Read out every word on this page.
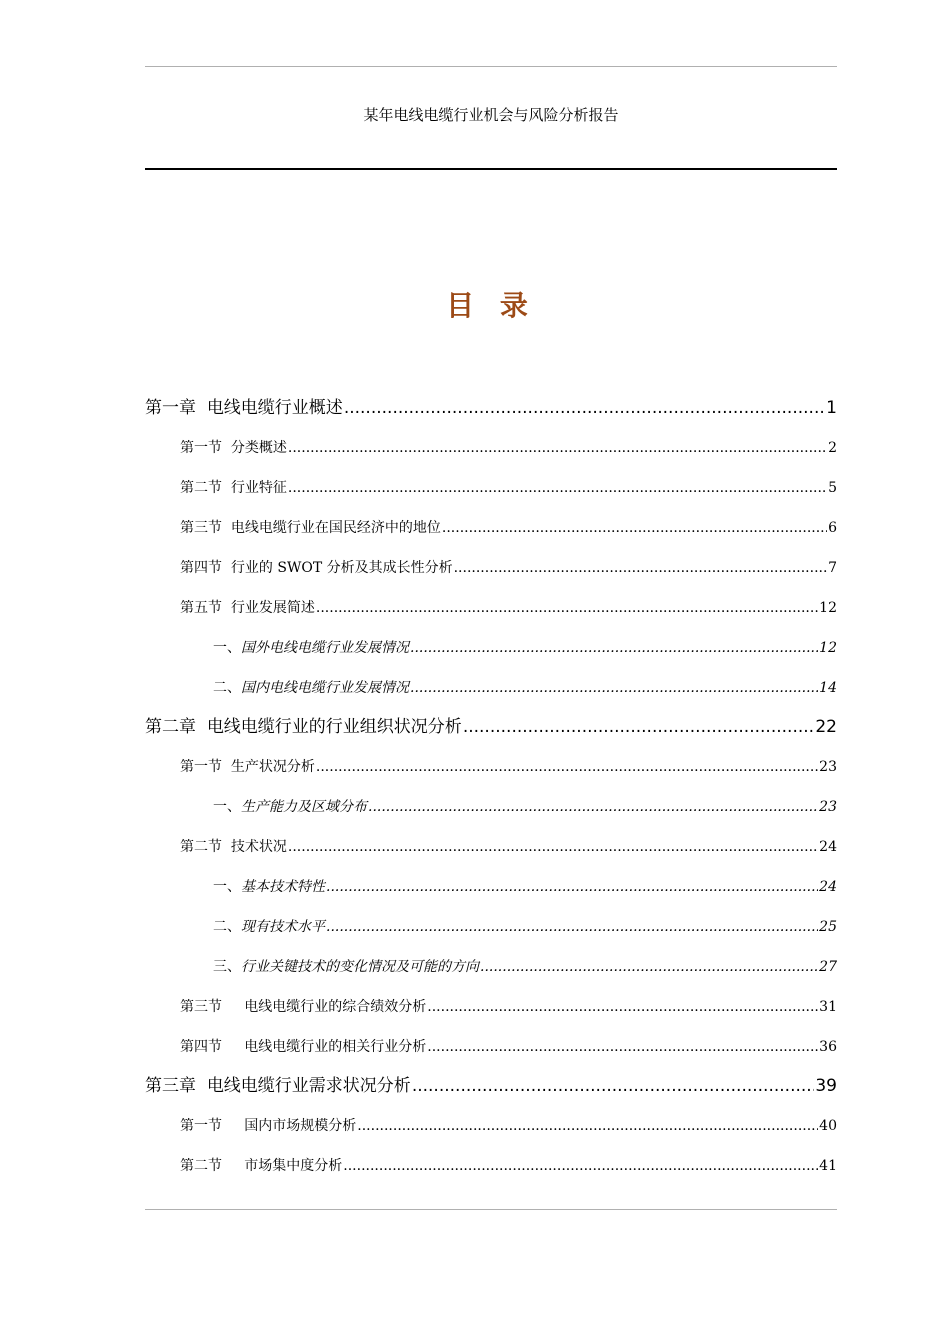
某年电线电缆行业机会与风险分析报告
目 录
第一章 电线电缆行业概述 .....	1
第一节 分类概述 .....	2
第二节 行业特征 .....	5
第三节 电线电缆行业在国民经济中的地位 .....	6
第四节 行业的 SWOT 分析及其成长性分析 .....	7
第五节 行业发展简述 .....	12
一、 国外电线电缆行业发展情况 .....	12
二、 国内电线电缆行业发展情况 .....	14
第二章 电线电缆行业的行业组织状况分析 .....	22
第一节 生产状况分析 .....	23
一、 生产能力及区域分布 .....	23
第二节 技术状况 .....	24
一、 基本技术特性 .....	24
二、 现有技术水平 .....	25
三、 行业关键技术的变化情况及可能的方向 .....	27
第三节 电线电缆行业的综合绩效分析 .....	31
第四节 电线电缆行业的相关行业分析 .....	36
第三章 电线电缆行业需求状况分析 .....	39
第一节 国内市场规模分析 .....	40
第二节 市场集中度分析 .....	41
